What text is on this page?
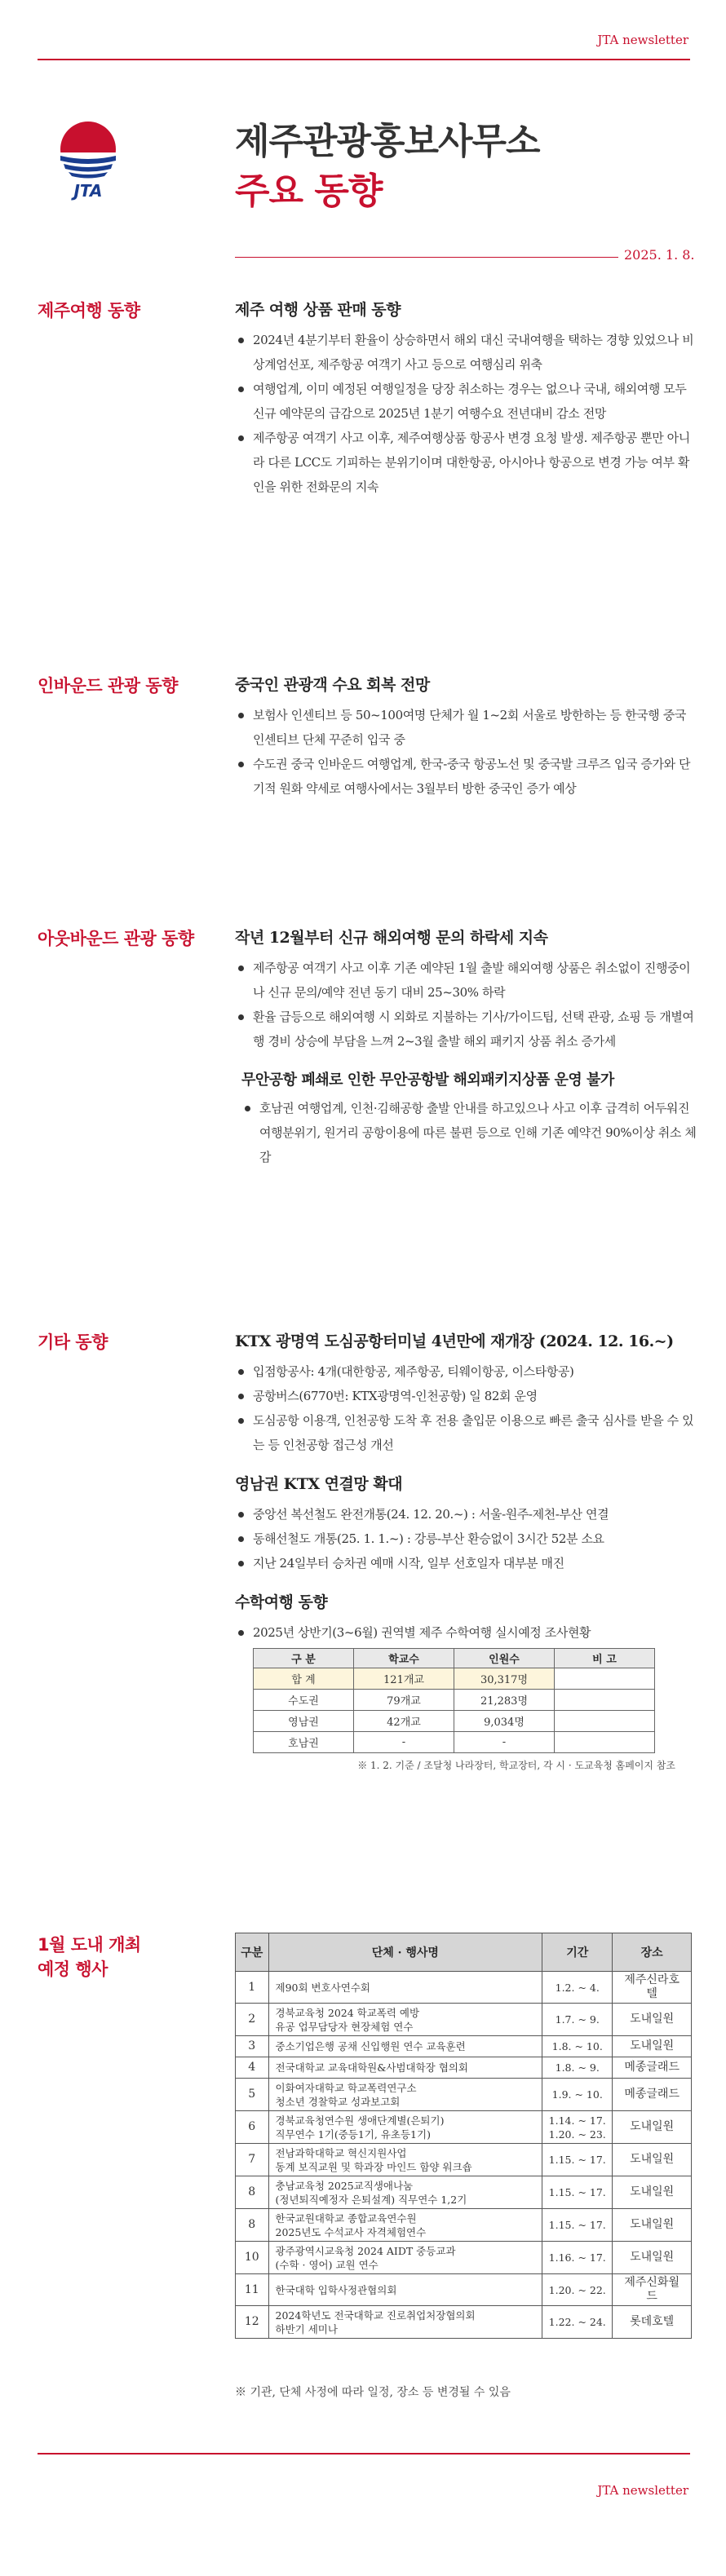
JTA newsletter
JTA
제주관광홍보사무소
주요 동향
2025. 1. 8.
제주여행 동향	제주 여행 상품 판매 동향
2024년 4분기부터 환율이 상승하면서 해외 대신 국내여행을 택하는 경향 있었으나 비상계엄선포, 제주항공 여객기 사고 등으로 여행심리 위축
여행업계, 이미 예정된 여행일정을 당장 취소하는 경우는 없으나 국내, 해외여행 모두 신규 예약문의 급감으로 2025년 1분기 여행수요 전년대비 감소 전망
제주항공 여객기 사고 이후, 제주여행상품 항공사 변경 요청 발생. 제주항공 뿐만 아니라 다른 LCC도 기피하는 분위기이며 대한항공, 아시아나 항공으로 변경 가능 여부 확인을 위한 전화문의 지속
인바운드 관광 동향	중국인 관광객 수요 회복 전망
보험사 인센티브 등 50~100여명 단체가 월 1~2회 서울로 방한하는 등 한국행 중국 인센티브 단체 꾸준히 입국 중
수도권 중국 인바운드 여행업계, 한국-중국 항공노선 및 중국발 크루즈 입국 증가와 단기적 원화 약세로 여행사에서는 3월부터 방한 중국인 증가 예상
아웃바운드 관광 동향	작년 12월부터 신규 해외여행 문의 하락세 지속
제주항공 여객기 사고 이후 기존 예약된 1월 출발 해외여행 상품은 취소없이 진행중이나 신규 문의/예약 전년 동기 대비 25~30% 하락
환율 급등으로 해외여행 시 외화로 지불하는 기사/가이드팁, 선택 관광, 쇼핑 등 개별여행 경비 상승에 부담을 느껴 2~3월 출발 해외 패키지 상품 취소 증가세
무안공항 폐쇄로 인한 무안공항발 해외패키지상품 운영 불가
호남권 여행업계, 인천·김해공항 출발 안내를 하고있으나 사고 이후 급격히 어두워진 여행분위기, 원거리 공항이용에 따른 불편 등으로 인해 기존 예약건 90%이상 취소 체감
기타 동향	KTX 광명역 도심공항터미널 4년만에 재개장 (2024. 12. 16.~)
입점항공사: 4개(대한항공, 제주항공, 티웨이항공, 이스타항공)
공항버스(6770번: KTX광명역-인천공항) 일 82회 운영
도심공항 이용객, 인천공항 도착 후 전용 출입문 이용으로 빠른 출국 심사를 받을 수 있는 등 인천공항 접근성 개선
영남권 KTX 연결망 확대
중앙선 복선철도 완전개통(24. 12. 20.~) : 서울-원주-제천-부산 연결
동해선철도 개통(25. 1. 1.~) : 강릉-부산 환승없이 3시간 52분 소요
지난 24일부터 승차권 예매 시작, 일부 선호일자 대부분 매진
수학여행 동향
2025년 상반기(3~6월) 권역별 제주 수학여행 실시예정 조사현황
구 분	학교수	인원수	비 고
합 계	121개교	30,317명	
수도권	79개교	21,283명	
영남권	42개교	9,034명	
호남권	-	-	
※ 1. 2. 기준 / 조달청 나라장터, 학교장터, 각 시 · 도교육청 홈페이지 참조
1월 도내 개최
예정 행사
구분	단체 · 행사명	기간	장소
1	제90회 변호사연수회	1.2. ~ 4.	제주신라호텔
2	경북교육청 2024 학교폭력 예방
유공 업무담당자 현장체험 연수	1.7. ~ 9.	도내일원
3	중소기업은행 공채 신입행원 연수 교육훈련	1.8. ~ 10.	도내일원
4	전국대학교 교육대학원&사범대학장 협의회	1.8. ~ 9.	메종글래드
5	이화여자대학교 학교폭력연구소
청소년 경찰학교 성과보고회	1.9. ~ 10.	메종글래드
6	경북교육청연수원 생애단계별(은퇴기)
직무연수 1기(중등1기, 유초등1기)	1.14. ~ 17.
1.20. ~ 23.	도내일원
7	전남과학대학교 혁신지원사업
동계 보직교원 및 학과장 마인드 함양 워크숍	1.15. ~ 17.	도내일원
8	충남교육청 2025교직생애나눔
(정년퇴직예정자 은퇴설계) 직무연수 1,2기	1.15. ~ 17.	도내일원
8	한국교원대학교 종합교육연수원
2025년도 수석교사 자격체험연수	1.15. ~ 17.	도내일원
10	광주광역시교육청 2024 AIDT 중등교과
(수학 · 영어) 교원 연수	1.16. ~ 17.	도내일원
11	한국대학 입학사정관협의회	1.20. ~ 22.	제주신화월드
12	2024학년도 전국대학교 진로취업처장협의회
하반기 세미나	1.22. ~ 24.	롯데호텔
※ 기관, 단체 사정에 따라 일정, 장소 등 변경될 수 있음
JTA newsletter
